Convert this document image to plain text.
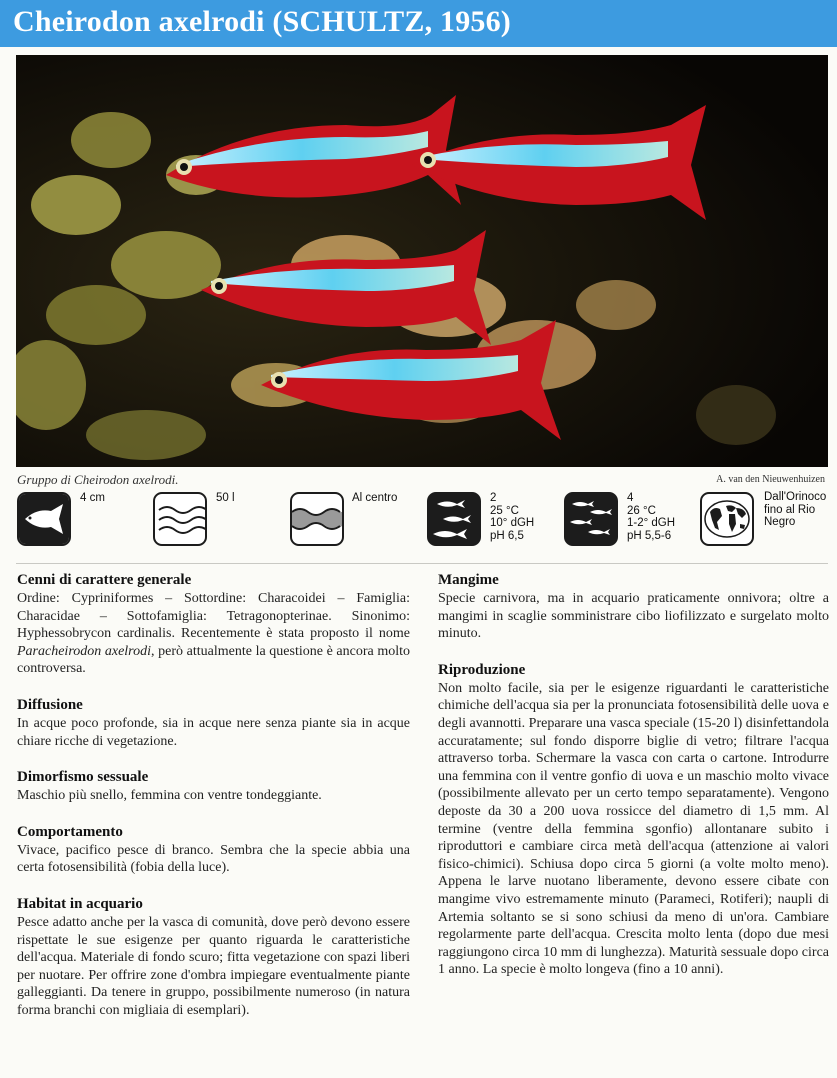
Cheirodon axelrodi (SCHULTZ, 1956)
Gruppo di Cheirodon axelrodi.	A. van den Nieuwenhuizen
4 cm	50 l	Al centro	2
25 °C
10° dGH
pH 6,5
4
26 °C
1-2° dGH
pH 5,5-6
Dall'Orinoco
fino al Rio
Negro
Cenni di carattere generale

Ordine: Cypriniformes – Sottordine: Characoidei – Famiglia: Characidae – Sottofamiglia: Tetragonopterinae. Sinonimo: Hyphessobrycon cardinalis. Recentemente è stata proposto il nome Paracheirodon axelrodi, però attualmente la questione è ancora molto controversa.

Diffusione

In acque poco profonde, sia in acque nere senza piante sia in acque chiare ricche di vegetazione.

Dimorfismo sessuale

Maschio più snello, femmina con ventre tondeggiante.

Comportamento

Vivace, pacifico pesce di branco. Sembra che la specie abbia una certa fotosensibilità (fobia della luce).

Habitat in acquario

Pesce adatto anche per la vasca di comunità, dove però devono essere rispettate le sue esigenze per quanto riguarda le caratteristiche dell'acqua. Materiale di fondo scuro; fitta vegetazione con spazi liberi per nuotare. Per offrire zone d'ombra impiegare eventualmente piante galleggianti. Da tenere in gruppo, possibilmente numeroso (in natura forma branchi con migliaia di esemplari).

Mangime

Specie carnivora, ma in acquario praticamente onnivora; oltre a mangimi in scaglie somministrare cibo liofilizzato e surgelato molto minuto.

Riproduzione

Non molto facile, sia per le esigenze riguardanti le caratteristiche chimiche dell'acqua sia per la pronunciata fotosensibilità delle uova e degli avannotti. Preparare una vasca speciale (15-20 l) disinfettandola accuratamente; sul fondo disporre biglie di vetro; filtrare l'acqua attraverso torba. Schermare la vasca con carta o cartone. Introdurre una femmina con il ventre gonfio di uova e un maschio molto vivace (possibilmente allevato per un certo tempo separatamente). Vengono deposte da 30 a 200 uova rossicce del diametro di 1,5 mm. Al termine (ventre della femmina sgonfio) allontanare subito i riproduttori e cambiare circa metà dell'acqua (attenzione ai valori fisico-chimici). Schiusa dopo circa 5 giorni (a volte molto meno). Appena le larve nuotano liberamente, devono essere cibate con mangime vivo estremamente minuto (Parameci, Rotiferi); naupli di Artemia soltanto se si sono schiusi da meno di un'ora. Cambiare regolarmente parte dell'acqua. Crescita molto lenta (dopo due mesi raggiungono circa 10 mm di lunghezza). Maturità sessuale dopo circa 1 anno. La specie è molto longeva (fino a 10 anni).
